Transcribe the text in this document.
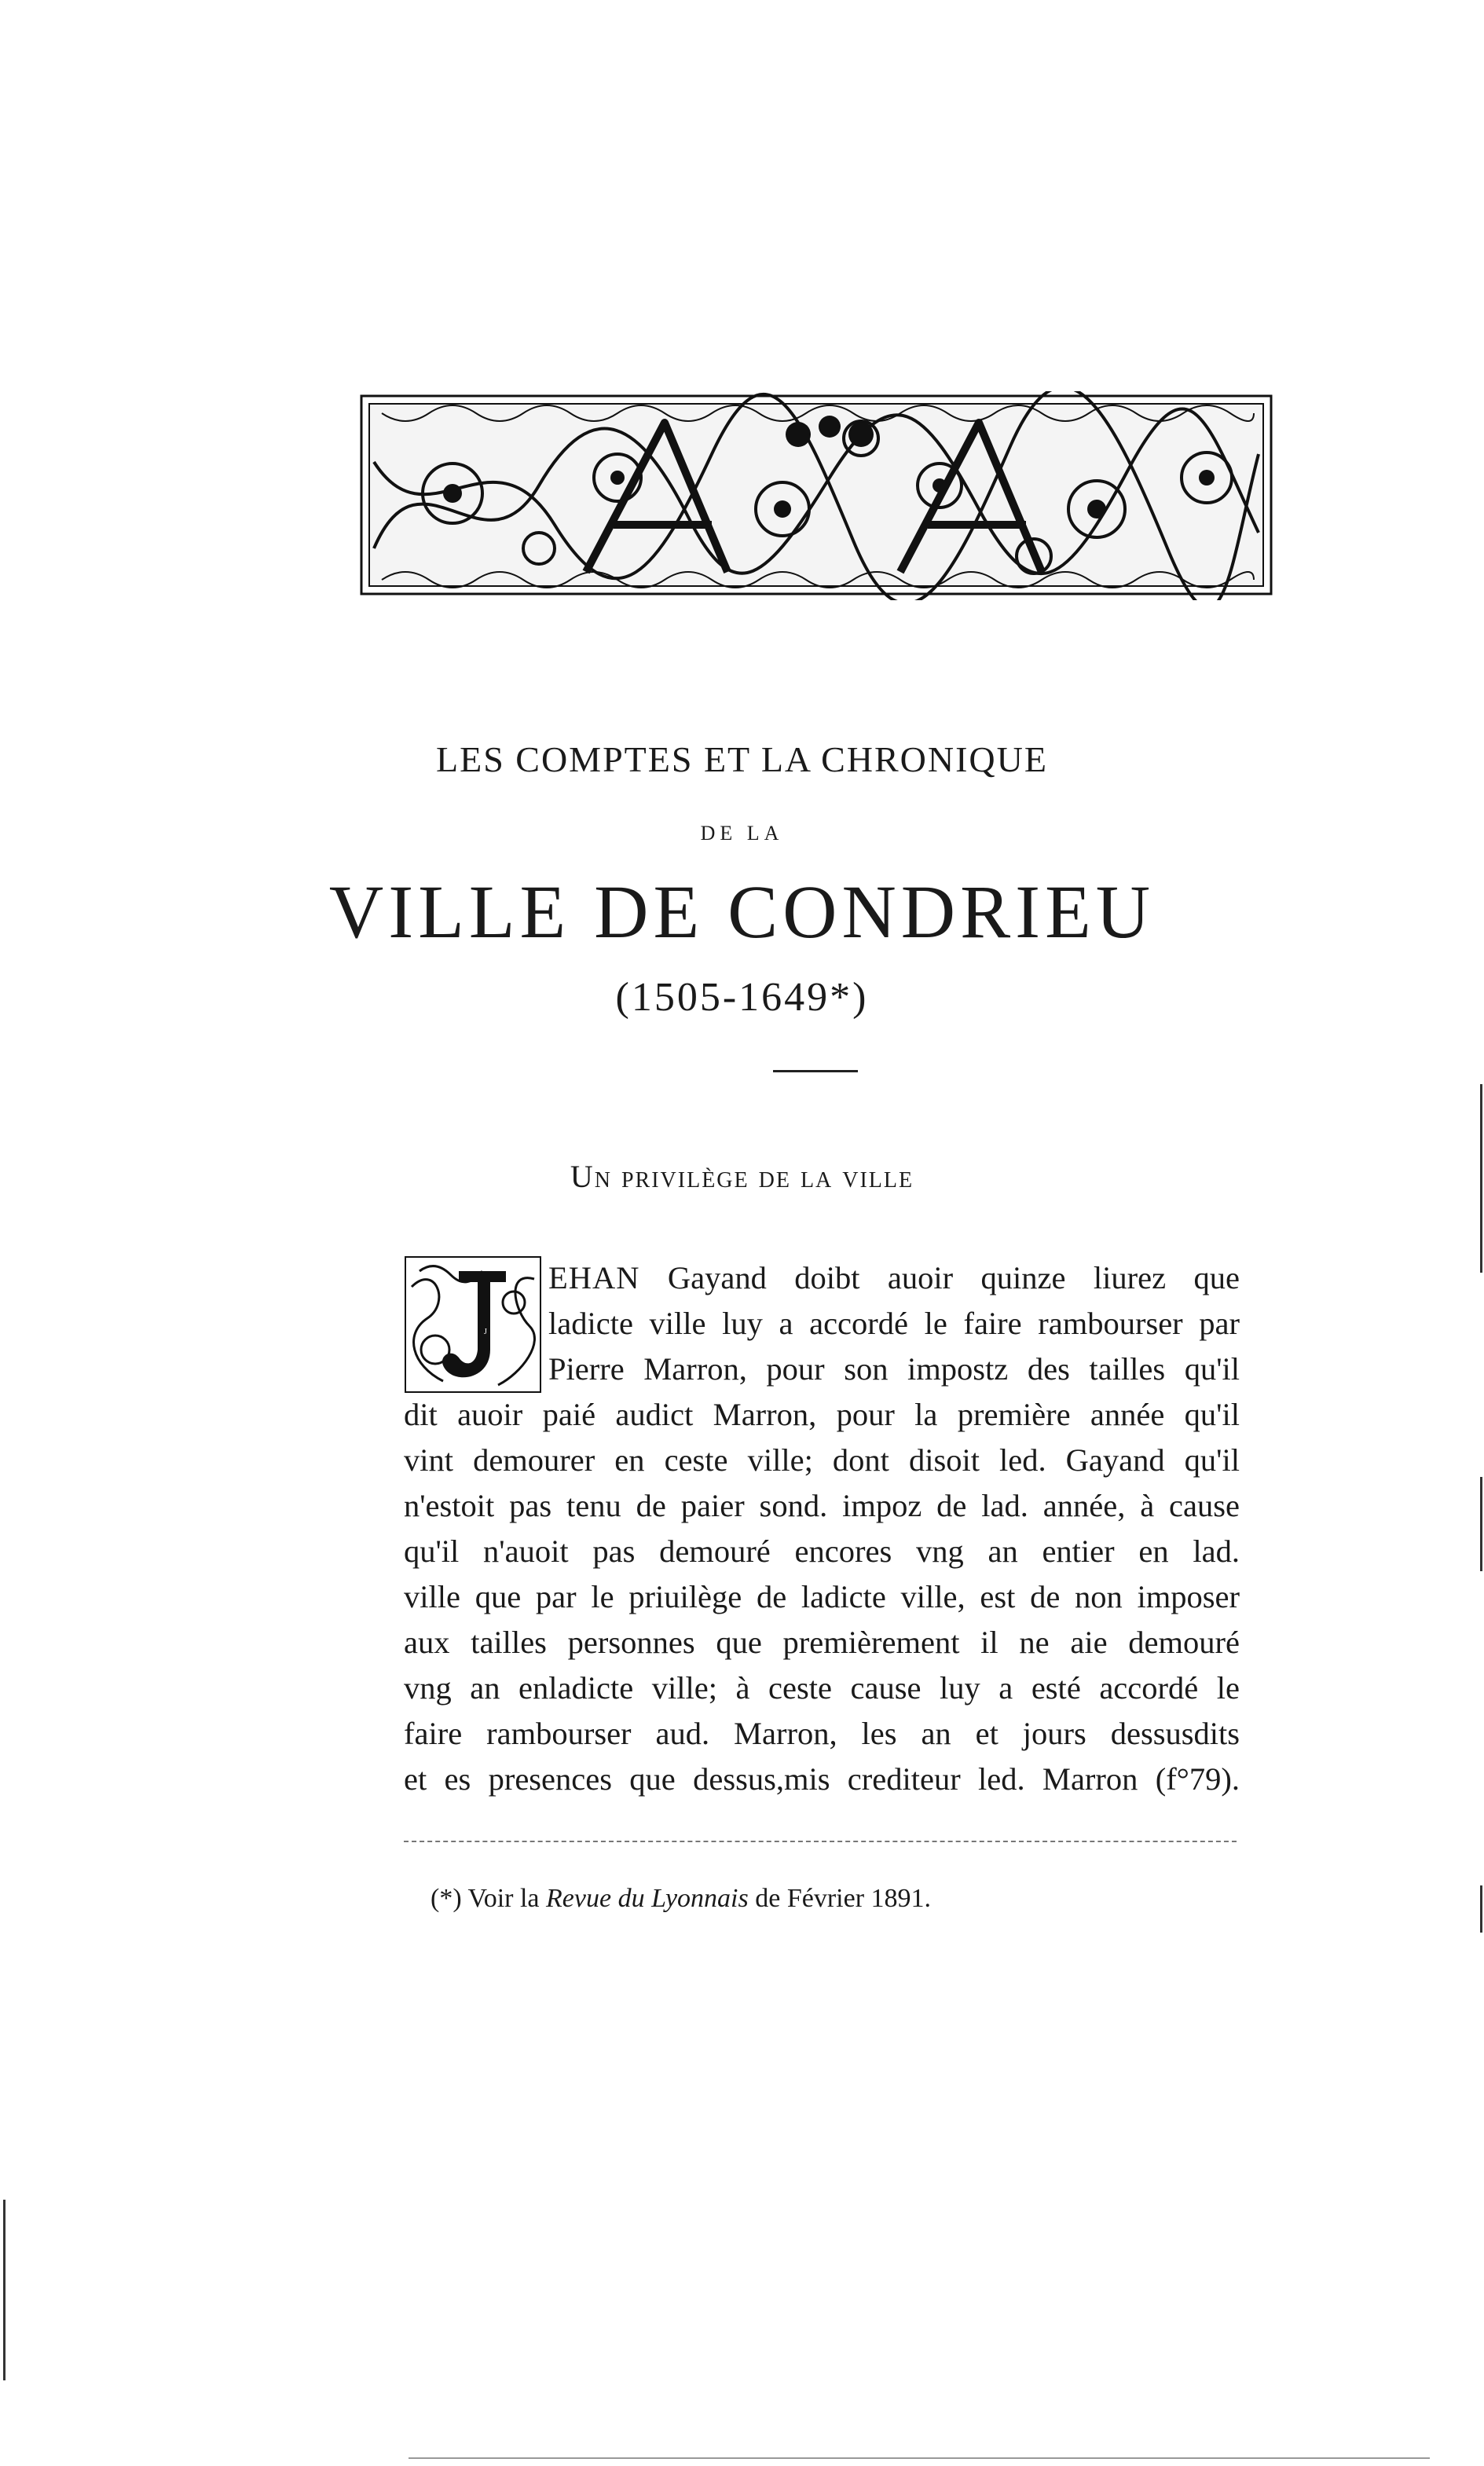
LES COMPTES ET LA CHRONIQUE
DE LA
VILLE DE CONDRIEU
(1505-1649*)
Un privilège de la ville
J
EHAN Gayand doibt auoir quinze liurez que
ladicte ville luy a accordé le faire rambourser par
Pierre Marron, pour son impostz des tailles qu'il
dit auoir paié audict Marron, pour la première année qu'il
vint demourer en ceste ville; dont disoit led. Gayand qu'il
n'estoit pas tenu de paier sond. impoz de lad. année, à cause
qu'il n'auoit pas demouré encores vng an entier en lad.
ville que par le priuilège de ladicte ville, est de non imposer
aux tailles personnes que premièrement il ne aie demouré
vng an enladicte ville; à ceste cause luy a esté accordé le
faire rambourser aud. Marron, les an et jours dessusdits
et es presences que dessus,mis crediteur led. Marron (f°79).
(*) Voir la Revue du Lyonnais de Février 1891.
